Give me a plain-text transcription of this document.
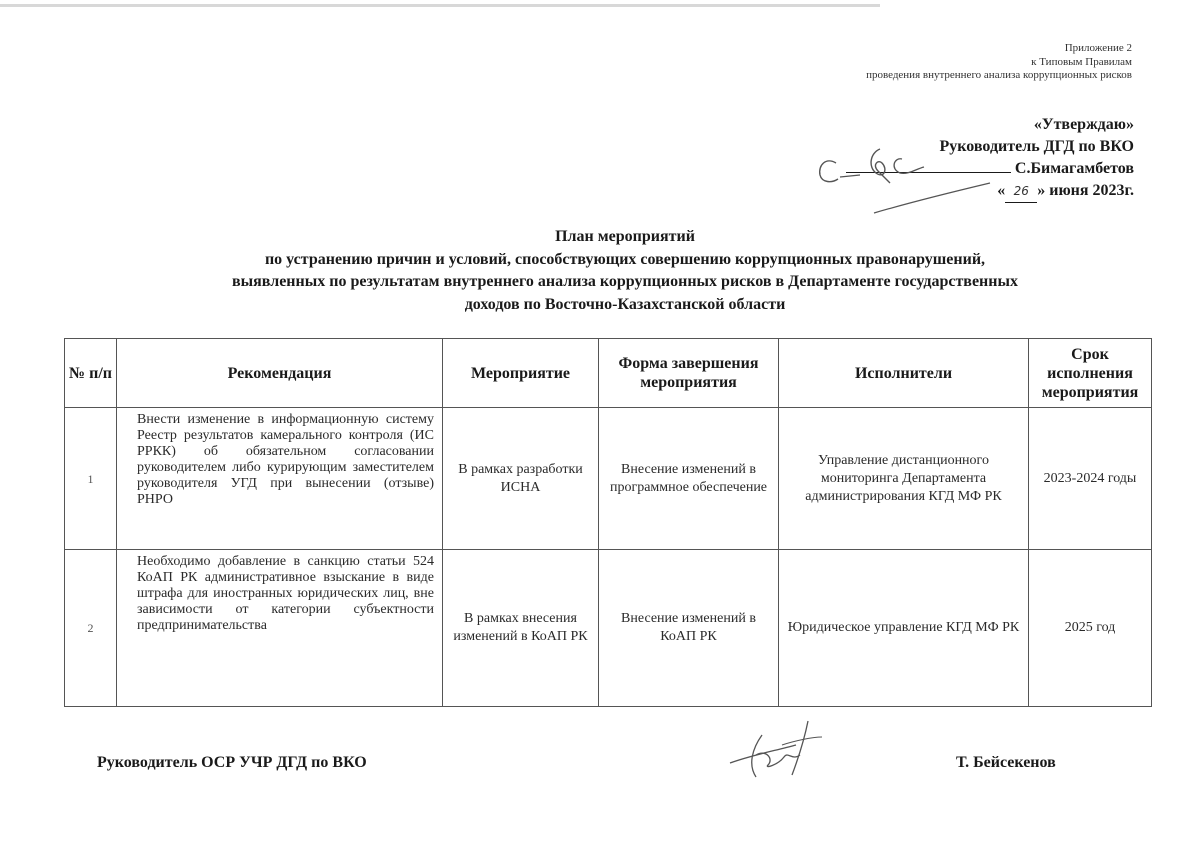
Приложение 2
к Типовым Правилам
проведения внутреннего анализа коррупционных рисков
«Утверждаю»
Руководитель ДГД по ВКО
С.Бимагамбетов
« 26 » июня 2023г.
План мероприятий
по устранению причин и условий, способствующих совершению коррупционных правонарушений,
выявленных по результатам внутреннего анализа коррупционных рисков в Департаменте государственных
доходов по Восточно-Казахстанской области
№ п/п	Рекомендация	Мероприятие	Форма завершения мероприятия	Исполнители	Срок исполнения мероприятия
1	Внести изменение в информационную систему Реестр результатов камерального контроля (ИС РРКК) об обязательном согласовании руководителем либо курирующим заместителем руководителя УГД при вынесении (отзыве) РНРО	В рамках разработки ИСНА	Внесение изменений в программное обеспечение	Управление дистанционного мониторинга Департамента администрирования КГД МФ РК	2023-2024 годы
2	Необходимо добавление в санкцию статьи 524 КоАП РК административное взыскание в виде штрафа для иностранных юридических лиц, вне зависимости от категории субъектности предпринимательства	В рамках внесения изменений в КоАП РК	Внесение изменений в КоАП РК	Юридическое управление КГД МФ РК	2025 год
Руководитель ОСР УЧР ДГД по ВКО	Т. Бейсекенов
